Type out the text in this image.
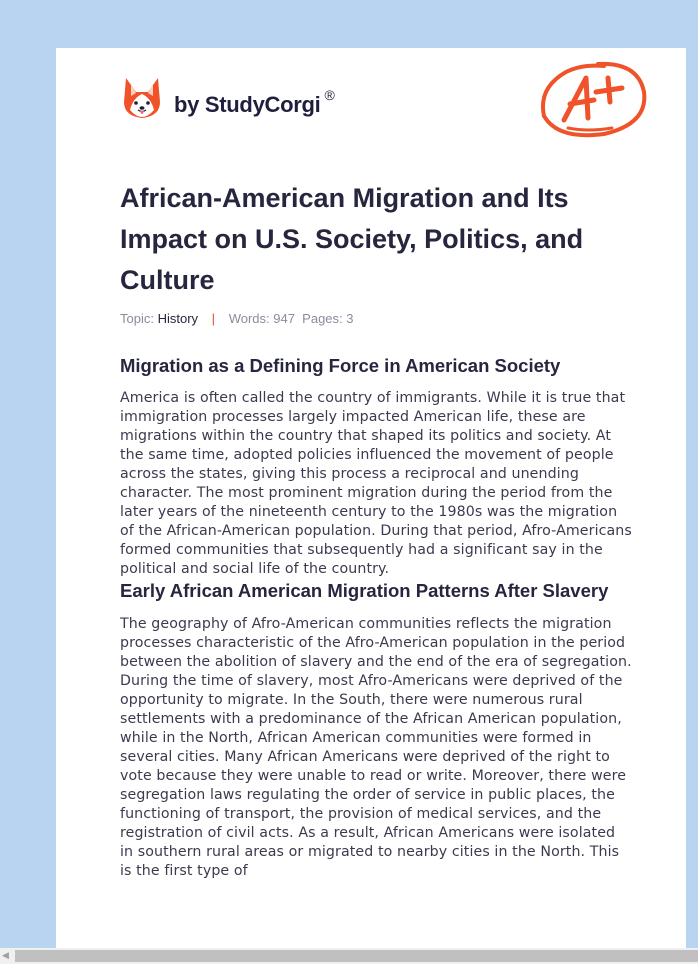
by StudyCorgi ®
African-American Migration and Its Impact on U.S. Society, Politics, and Culture
Topic: History | Words: 947 Pages: 3
Migration as a Defining Force in American Society

America is often called the country of immigrants. While it is true that immigration processes largely impacted American life, these are migrations within the country that shaped its politics and society. At the same time, adopted policies influenced the movement of people across the states, giving this process a reciprocal and unending character. The most prominent migration during the period from the later years of the nineteenth century to the 1980s was the migration of the African-American population. During that period, Afro-Americans formed communities that subsequently had a significant say in the political and social life of the country.

Early African American Migration Patterns After Slavery

The geography of Afro-American communities reflects the migration processes characteristic of the Afro-American population in the period between the abolition of slavery and the end of the era of segregation. During the time of slavery, most Afro-Americans were deprived of the opportunity to migrate. In the South, there were numerous rural settlements with a predominance of the African American population, while in the North, African American communities were formed in several cities. Many African Americans were deprived of the right to vote because they were unable to read or write. Moreover, there were segregation laws regulating the order of service in public places, the functioning of transport, the provision of medical services, and the registration of civil acts. As a result, African Americans were isolated in southern rural areas or migrated to nearby cities in the North. This is the first type of

◀
